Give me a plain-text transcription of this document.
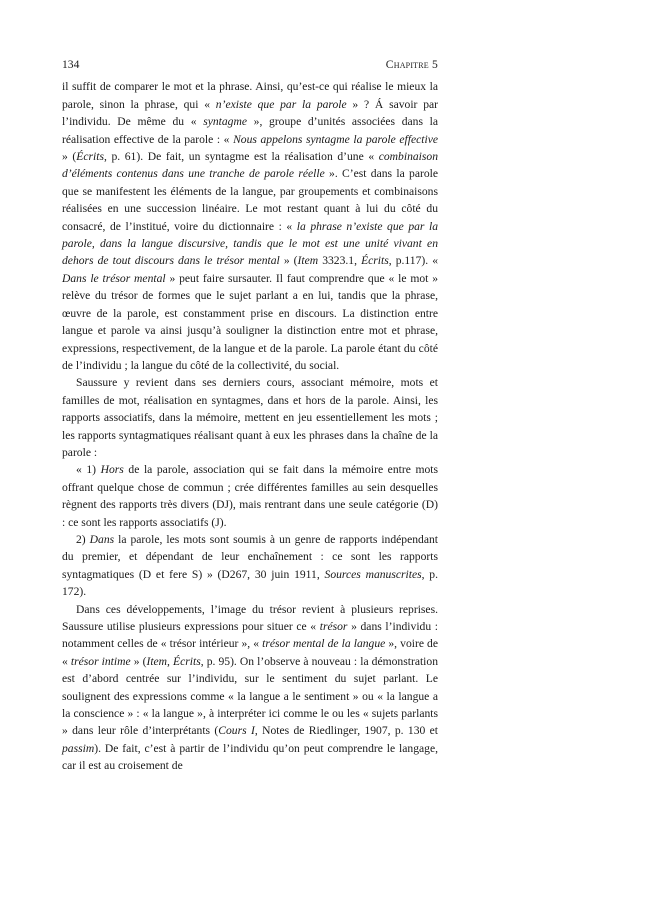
134	Chapitre 5

il suffit de comparer le mot et la phrase. Ainsi, qu’est-ce qui réalise le mieux la parole, sinon la phrase, qui « n’existe que par la parole » ? Á savoir par l’individu. De même du « syntagme », groupe d’unités associées dans la réalisation effective de la parole : « Nous appelons syntagme la parole effective » (Écrits, p. 61). De fait, un syntagme est la réalisation d’une « combinaison d’éléments contenus dans une tranche de parole réelle ». C’est dans la parole que se manifestent les éléments de la langue, par groupements et combinaisons réalisées en une succession linéaire. Le mot restant quant à lui du côté du consacré, de l’institué, voire du dictionnaire : « la phrase n’existe que par la parole, dans la langue discursive, tandis que le mot est une unité vivant en dehors de tout discours dans le trésor mental » (Item 3323.1, Écrits, p.117). « Dans le trésor mental » peut faire sursauter. Il faut comprendre que « le mot » relève du trésor de formes que le sujet parlant a en lui, tandis que la phrase, œuvre de la parole, est constamment prise en discours. La distinction entre langue et parole va ainsi jusqu’à souligner la distinction entre mot et phrase, expressions, respectivement, de la langue et de la parole. La parole étant du côté de l’individu ; la langue du côté de la collectivité, du social.

Saussure y revient dans ses derniers cours, associant mémoire, mots et familles de mot, réalisation en syntagmes, dans et hors de la parole. Ainsi, les rapports associatifs, dans la mémoire, mettent en jeu essentiellement les mots ; les rapports syntagmatiques réalisant quant à eux les phrases dans la chaîne de la parole :

« 1) Hors de la parole, association qui se fait dans la mémoire entre mots offrant quelque chose de commun ; crée différentes familles au sein desquelles règnent des rapports très divers (DJ), mais rentrant dans une seule catégorie (D) : ce sont les rapports associatifs (J).

2) Dans la parole, les mots sont soumis à un genre de rapports indépendant du premier, et dépendant de leur enchaînement : ce sont les rapports syntagmatiques (D et fere S) » (D267, 30 juin 1911, Sources manuscrites, p. 172).

Dans ces développements, l’image du trésor revient à plusieurs reprises. Saussure utilise plusieurs expressions pour situer ce « trésor » dans l’individu : notamment celles de « trésor intérieur », « trésor mental de la langue », voire de « trésor intime » (Item, Écrits, p. 95). On l’observe à nouveau : la démonstration est d’abord centrée sur l’individu, sur le sentiment du sujet parlant. Le soulignent des expressions comme « la langue a le sentiment » ou « la langue a la conscience » : « la langue », à interpréter ici comme le ou les « sujets parlants » dans leur rôle d’interprétants (Cours I, Notes de Riedlinger, 1907, p. 130 et passim). De fait, c’est à partir de l’individu qu’on peut comprendre le langage, car il est au croisement de
